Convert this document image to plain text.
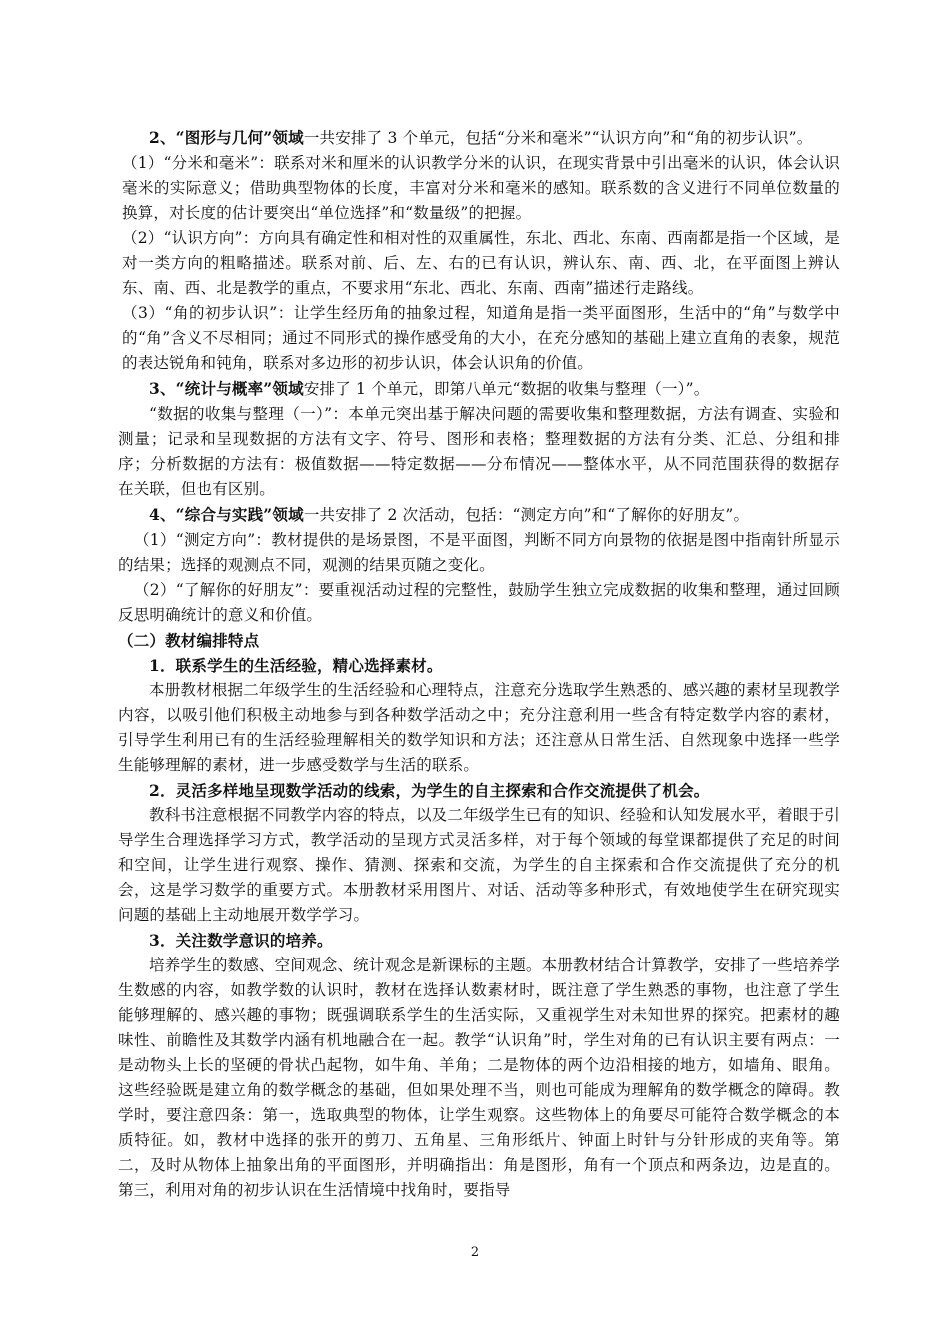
2、“图形与几何”领域一共安排了 3 个单元，包括“分米和毫米”“认识方向”和“角的初步认识”。

（1）“分米和毫米”：联系对米和厘米的认识教学分米的认识，在现实背景中引出毫米的认识，体会认识毫米的实际意义；借助典型物体的长度，丰富对分米和毫米的感知。联系数的含义进行不同单位数量的换算，对长度的估计要突出“单位选择”和“数量级”的把握。

（2）“认识方向”：方向具有确定性和相对性的双重属性，东北、西北、东南、西南都是指一个区域，是对一类方向的粗略描述。联系对前、后、左、右的已有认识，辨认东、南、西、北，在平面图上辨认东、南、西、北是教学的重点，不要求用“东北、西北、东南、西南”描述行走路线。

（3）“角的初步认识”：让学生经历角的抽象过程，知道角是指一类平面图形，生活中的“角”与数学中的“角”含义不尽相同；通过不同形式的操作感受角的大小，在充分感知的基础上建立直角的表象，规范的表达锐角和钝角，联系对多边形的初步认识，体会认识角的价值。

3、“统计与概率”领域安排了 1 个单元，即第八单元“数据的收集与整理（一）”。

“数据的收集与整理（一）”：本单元突出基于解决问题的需要收集和整理数据，方法有调查、实验和测量；记录和呈现数据的方法有文字、符号、图形和表格；整理数据的方法有分类、汇总、分组和排序；分析数据的方法有：极值数据——特定数据——分布情况——整体水平，从不同范围获得的数据存在关联，但也有区别。

4、“综合与实践”领域一共安排了 2 次活动，包括：“测定方向”和“了解你的好朋友”。

（1）“测定方向”：教材提供的是场景图，不是平面图，判断不同方向景物的依据是图中指南针所显示的结果；选择的观测点不同，观测的结果页随之变化。

（2）“了解你的好朋友”：要重视活动过程的完整性，鼓励学生独立完成数据的收集和整理，通过回顾反思明确统计的意义和价值。

（二）教材编排特点

1．联系学生的生活经验，精心选择素材。

本册教材根据二年级学生的生活经验和心理特点，注意充分选取学生熟悉的、感兴趣的素材呈现教学内容，以吸引他们积极主动地参与到各种数学活动之中；充分注意利用一些含有特定数学内容的素材，引导学生利用已有的生活经验理解相关的数学知识和方法；还注意从日常生活、自然现象中选择一些学生能够理解的素材，进一步感受数学与生活的联系。

2．灵活多样地呈现数学活动的线索，为学生的自主探索和合作交流提供了机会。

教科书注意根据不同教学内容的特点，以及二年级学生已有的知识、经验和认知发展水平，着眼于引导学生合理选择学习方式，教学活动的呈现方式灵活多样，对于每个领域的每堂课都提供了充足的时间和空间，让学生进行观察、操作、猜测、探索和交流，为学生的自主探索和合作交流提供了充分的机会，这是学习数学的重要方式。本册教材采用图片、对话、活动等多种形式，有效地使学生在研究现实问题的基础上主动地展开数学学习。

3．关注数学意识的培养。

培养学生的数感、空间观念、统计观念是新课标的主题。本册教材结合计算教学，安排了一些培养学生数感的内容，如教学数的认识时，教材在选择认数素材时，既注意了学生熟悉的事物，也注意了学生能够理解的、感兴趣的事物；既强调联系学生的生活实际，又重视学生对未知世界的探究。把素材的趣味性、前瞻性及其数学内涵有机地融合在一起。教学“认识角”时，学生对角的已有认识主要有两点：一是动物头上长的坚硬的骨状凸起物，如牛角、羊角；二是物体的两个边沿相接的地方，如墙角、眼角。这些经验既是建立角的数学概念的基础，但如果处理不当，则也可能成为理解角的数学概念的障碍。教学时，要注意四条：第一，选取典型的物体，让学生观察。这些物体上的角要尽可能符合数学概念的本质特征。如，教材中选择的张开的剪刀、五角星、三角形纸片、钟面上时针与分针形成的夹角等。第二，及时从物体上抽象出角的平面图形，并明确指出：角是图形，角有一个顶点和两条边，边是直的。第三，利用对角的初步认识在生活情境中找角时，要指导

2
